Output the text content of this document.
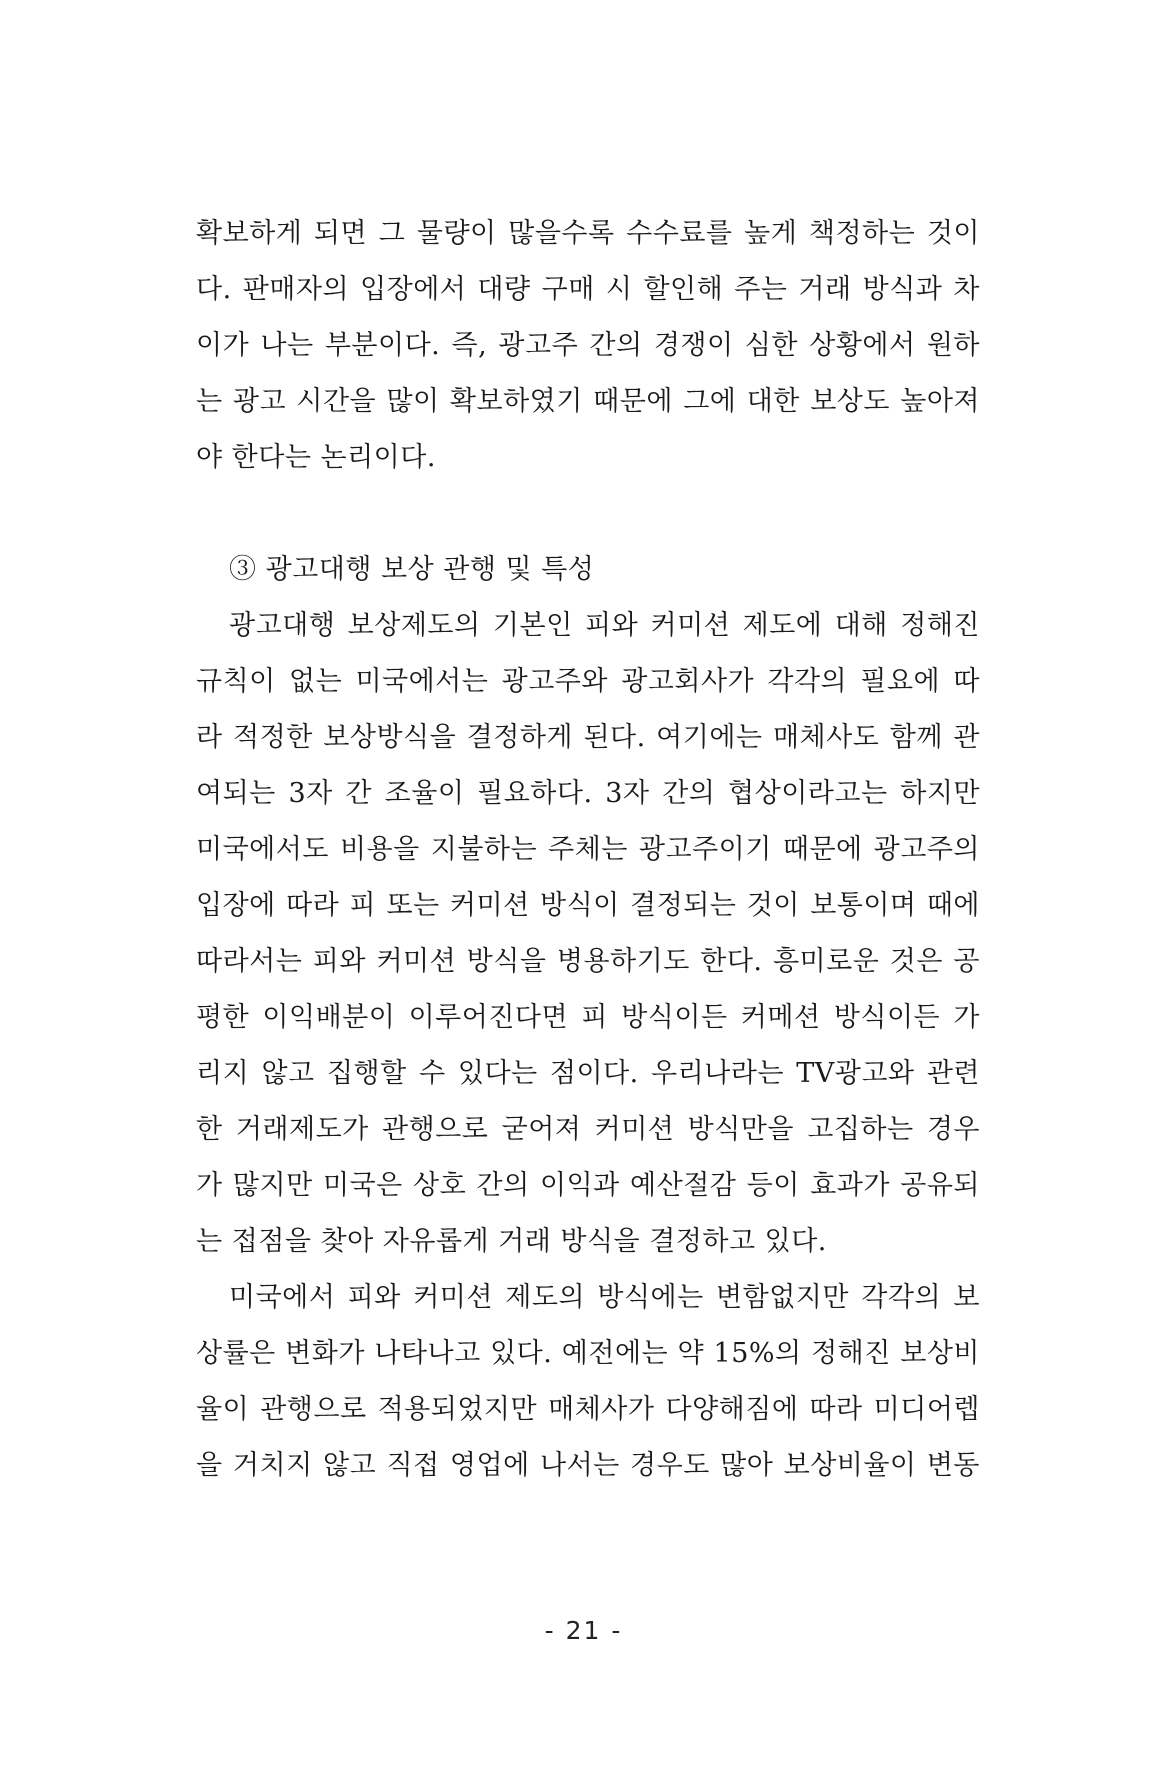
확보하게 되면 그 물량이 많을수록 수수료를 높게 책정하는 것이
다. 판매자의 입장에서 대량 구매 시 할인해 주는 거래 방식과 차
이가 나는 부분이다. 즉, 광고주 간의 경쟁이 심한 상황에서 원하
는 광고 시간을 많이 확보하였기 때문에 그에 대한 보상도 높아져
야 한다는 논리이다.
③ 광고대행 보상 관행 및 특성
광고대행 보상제도의 기본인 피와 커미션 제도에 대해 정해진
규칙이 없는 미국에서는 광고주와 광고회사가 각각의 필요에 따
라 적정한 보상방식을 결정하게 된다. 여기에는 매체사도 함께 관
여되는 3자 간 조율이 필요하다. 3자 간의 협상이라고는 하지만
미국에서도 비용을 지불하는 주체는 광고주이기 때문에 광고주의
입장에 따라 피 또는 커미션 방식이 결정되는 것이 보통이며 때에
따라서는 피와 커미션 방식을 병용하기도 한다. 흥미로운 것은 공
평한 이익배분이 이루어진다면 피 방식이든 커메션 방식이든 가
리지 않고 집행할 수 있다는 점이다. 우리나라는 TV광고와 관련
한 거래제도가 관행으로 굳어져 커미션 방식만을 고집하는 경우
가 많지만 미국은 상호 간의 이익과 예산절감 등이 효과가 공유되
는 접점을 찾아 자유롭게 거래 방식을 결정하고 있다.
미국에서 피와 커미션 제도의 방식에는 변함없지만 각각의 보
상률은 변화가 나타나고 있다. 예전에는 약 15%의 정해진 보상비
율이 관행으로 적용되었지만 매체사가 다양해짐에 따라 미디어렙
을 거치지 않고 직접 영업에 나서는 경우도 많아 보상비율이 변동
- 21 -
